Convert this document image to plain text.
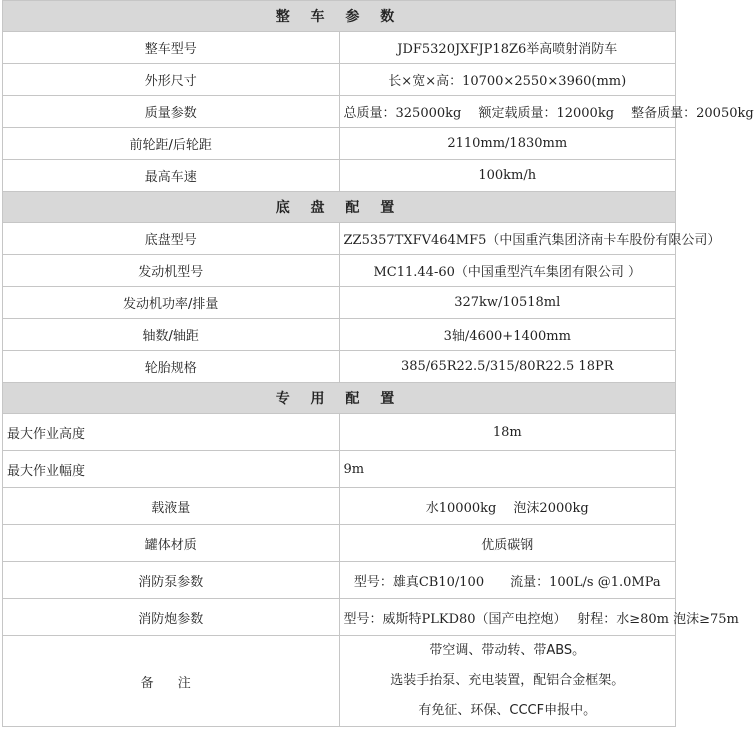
整 车 参 数	
整车型号	JDF5320JXFJP18Z6举高喷射消防车
外形尺寸	长×宽×高：10700×2550×3960(mm)
质量参数	总质量：325000kg　 额定载质量：12000kg　 整备质量：20050kg
前轮距/后轮距	2110mm/1830mm
最高车速	100km/h
底 盘 配 置	
底盘型号	ZZ5357TXFV464MF5（中国重汽集团济南卡车股份有限公司）
发动机型号	MC11.44-60（中国重型汽车集团有限公司 ）
发动机功率/排量	327kw/10518ml
轴数/轴距	3轴/4600+1400mm
轮胎规格	385/65R22.5/315/80R22.5 18PR
专 用 配 置	
最大作业高度	18m
最大作业幅度	9m
载液量	水10000kg　 泡沫2000kg
罐体材质	优质碳钢
消防泵参数	型号：雄真CB10/100　　流量：100L/s @1.0MPa
消防炮参数	型号：威斯特PLKD80（国产电控炮）　 射程：水≥80m 泡沫≥75m
备 注	带空调、带动转、带ABS。
选装手抬泵、充电装置，配铝合金框架。
有免征、环保、CCCF申报中。
